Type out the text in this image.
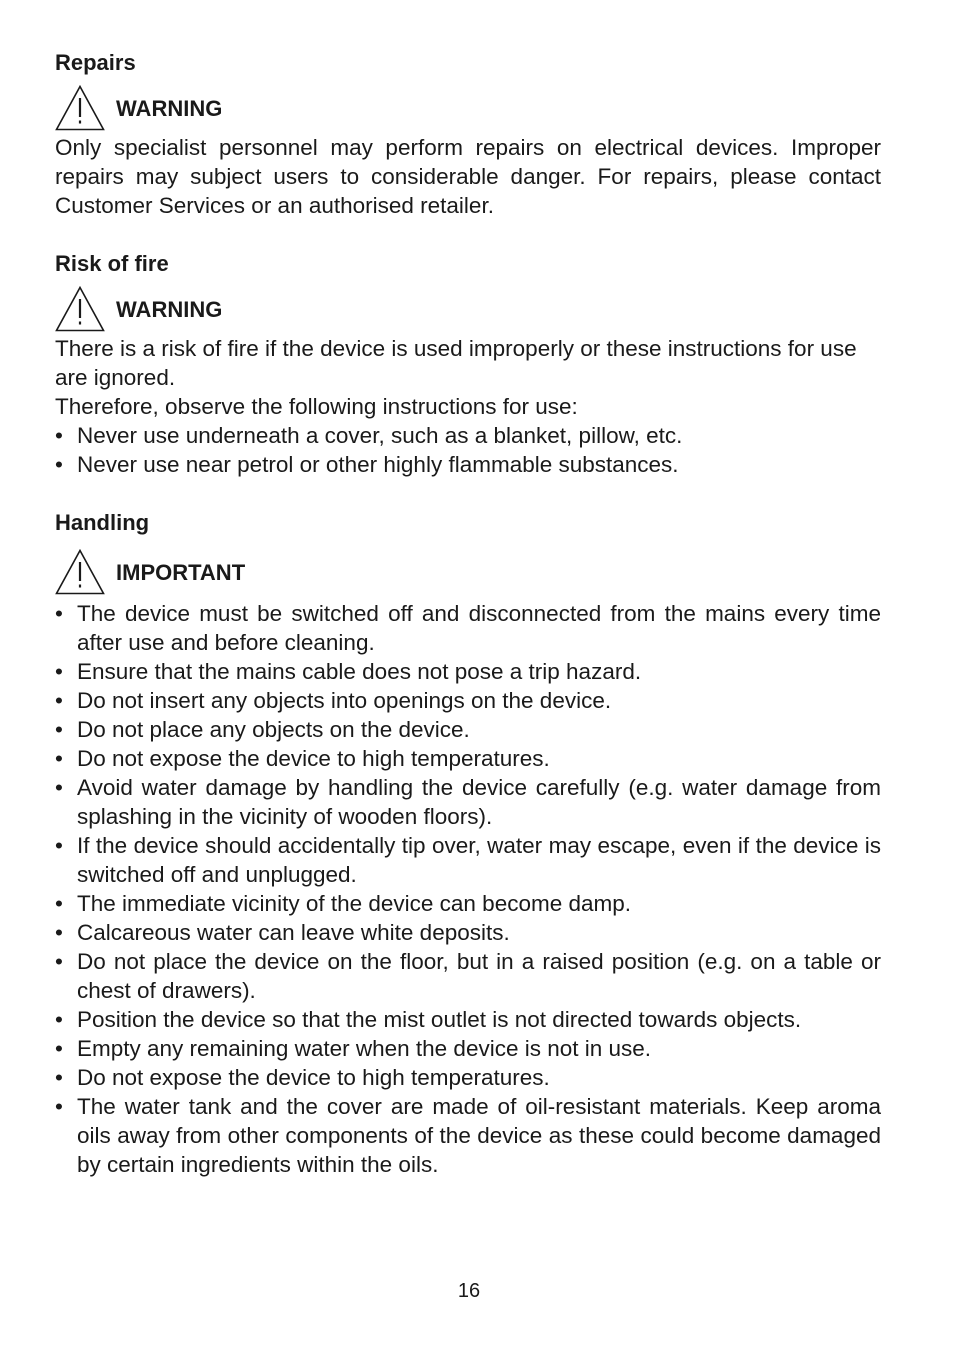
Repairs
WARNING

Only specialist personnel may perform repairs on electrical devices. Improper repairs may subject users to considerable danger. For repairs, please contact Customer Services or an authorised retailer.

Risk of fire
WARNING

There is a risk of fire if the device is used improperly or these instructions for use are ignored.

Therefore, observe the following instructions for use:

• Never use underneath a cover, such as a blanket, pillow, etc.
• Never use near petrol or other highly flammable substances.
Handling
IMPORTANT
• The device must be switched off and disconnected from the mains every time after use and before cleaning.
• Ensure that the mains cable does not pose a trip hazard.
• Do not insert any objects into openings on the device.
• Do not place any objects on the device.
• Do not expose the device to high temperatures.
• Avoid water damage by handling the device carefully (e.g. water damage from splashing in the vicinity of wooden floors).
• If the device should accidentally tip over, water may escape, even if the device is switched off and unplugged.
• The immediate vicinity of the device can become damp.
• Calcareous water can leave white deposits.
• Do not place the device on the floor, but in a raised position (e.g. on a table or chest of drawers).
• Position the device so that the mist outlet is not directed towards objects.
• Empty any remaining water when the device is not in use.
• Do not expose the device to high temperatures.
• The water tank and the cover are made of oil-resistant materials. Keep aroma oils away from other components of the device as these could become damaged by certain ingredients within the oils.
16
